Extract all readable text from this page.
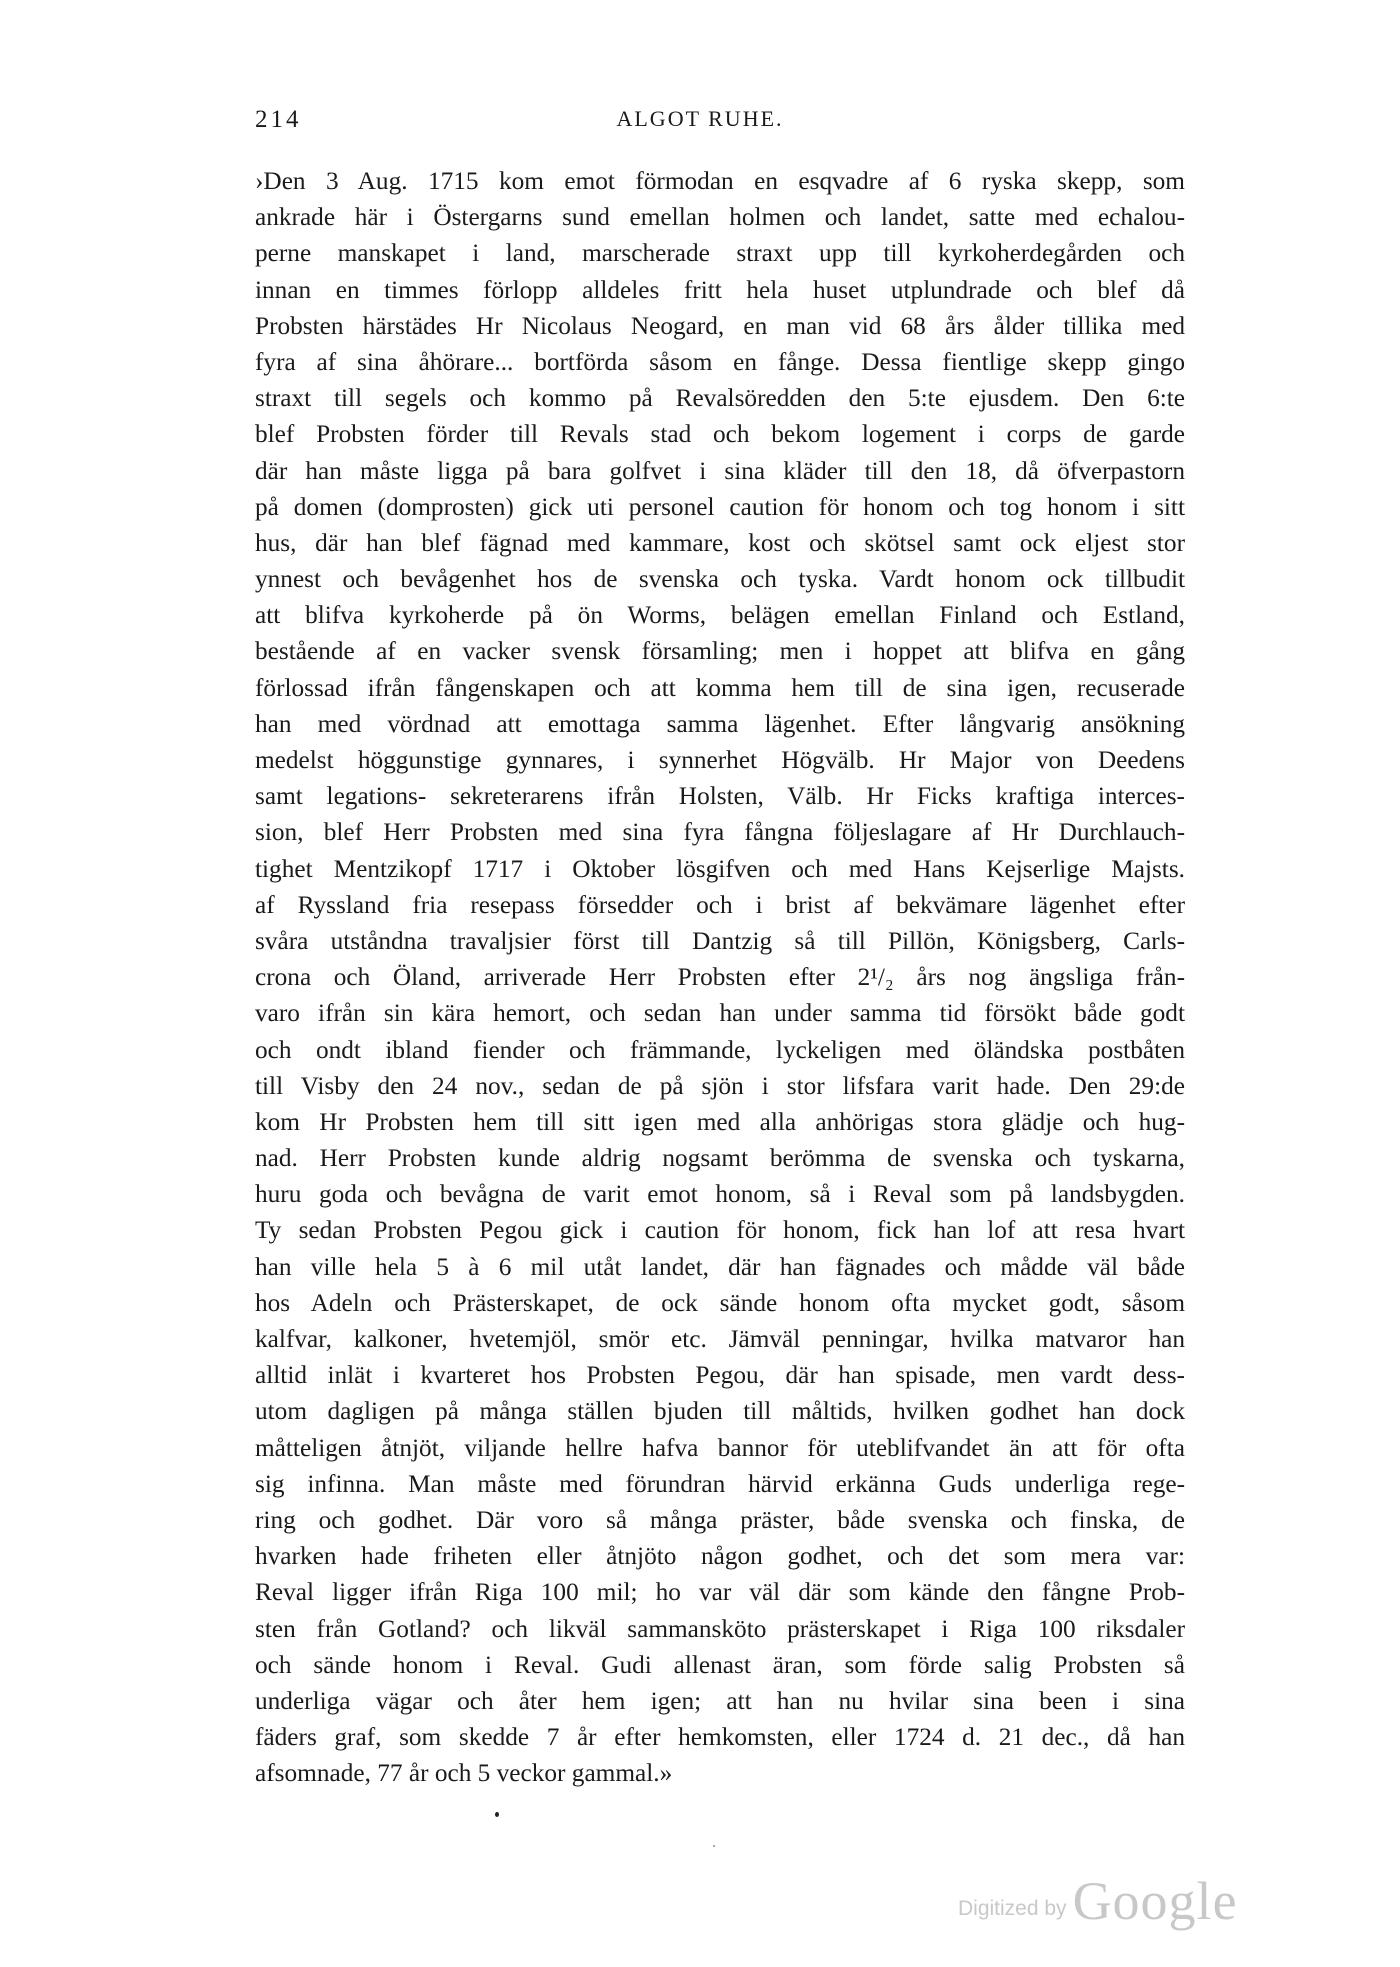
214	ALGOT RUHE.
›Den 3 Aug. 1715 kom emot förmodan en esqvadre af 6 ryska skepp, som
ankrade här i Östergarns sund emellan holmen och landet, satte med echalou-
perne manskapet i land, marscherade straxt upp till kyrkoherdegården och
innan en timmes förlopp alldeles fritt hela huset utplundrade och blef då
Probsten härstädes Hr Nicolaus Neogard, en man vid 68 års ålder tillika med
fyra af sina åhörare... bortförda såsom en fånge. Dessa fientlige skepp gingo
straxt till segels och kommo på Revalsöredden den 5:te ejusdem. Den 6:te
blef Probsten förder till Revals stad och bekom logement i corps de garde
där han måste ligga på bara golfvet i sina kläder till den 18, då öfverpastorn
på domen (domprosten) gick uti personel caution för honom och tog honom i sitt
hus, där han blef fägnad med kammare, kost och skötsel samt ock eljest stor
ynnest och bevågenhet hos de svenska och tyska. Vardt honom ock tillbudit
att blifva kyrkoherde på ön Worms, belägen emellan Finland och Estland,
bestående af en vacker svensk församling; men i hoppet att blifva en gång
förlossad ifrån fångenskapen och att komma hem till de sina igen, recuserade
han med vördnad att emottaga samma lägenhet. Efter långvarig ansökning
medelst höggunstige gynnares, i synnerhet Högvälb. Hr Major von Deedens
samt legations- sekreterarens ifrån Holsten, Välb. Hr Ficks kraftiga interces-
sion, blef Herr Probsten med sina fyra fångna följeslagare af Hr Durchlauch-
tighet Mentzikopf 1717 i Oktober lösgifven och med Hans Kejserlige Majsts.
af Ryssland fria resepass försedder och i brist af bekvämare lägenhet efter
svåra utståndna travaljsier först till Dantzig så till Pillön, Königsberg, Carls-
crona och Öland, arriverade Herr Probsten efter 2¹/₂ års nog ängsliga från-
varo ifrån sin kära hemort, och sedan han under samma tid försökt både godt
och ondt ibland fiender och främmande, lyckeligen med öländska postbåten
till Visby den 24 nov., sedan de på sjön i stor lifsfara varit hade. Den 29:de
kom Hr Probsten hem till sitt igen med alla anhörigas stora glädje och hug-
nad. Herr Probsten kunde aldrig nogsamt berömma de svenska och tyskarna,
huru goda och bevågna de varit emot honom, så i Reval som på landsbygden.
Ty sedan Probsten Pegou gick i caution för honom, fick han lof att resa hvart
han ville hela 5 à 6 mil utåt landet, där han fägnades och mådde väl både
hos Adeln och Prästerskapet, de ock sände honom ofta mycket godt, såsom
kalfvar, kalkoner, hvetemjöl, smör etc. Jämväl penningar, hvilka matvaror han
alltid inlät i kvarteret hos Probsten Pegou, där han spisade, men vardt dess-
utom dagligen på många ställen bjuden till måltids, hvilken godhet han dock
måtteligen åtnjöt, viljande hellre hafva bannor för uteblifvandet än att för ofta
sig infinna. Man måste med förundran härvid erkänna Guds underliga rege-
ring och godhet. Där voro så många präster, både svenska och finska, de
hvarken hade friheten eller åtnjöto någon godhet, och det som mera var:
Reval ligger ifrån Riga 100 mil; ho var väl där som kände den fångne Prob-
sten från Gotland? och likväl sammansköto prästerskapet i Riga 100 riksdaler
och sände honom i Reval. Gudi allenast äran, som förde salig Probsten så
underliga vägar och åter hem igen; att han nu hvilar sina been i sina
fäders graf, som skedde 7 år efter hemkomsten, eller 1724 d. 21 dec., då han
afsomnade, 77 år och 5 veckor gammal.»
Digitized by Google
